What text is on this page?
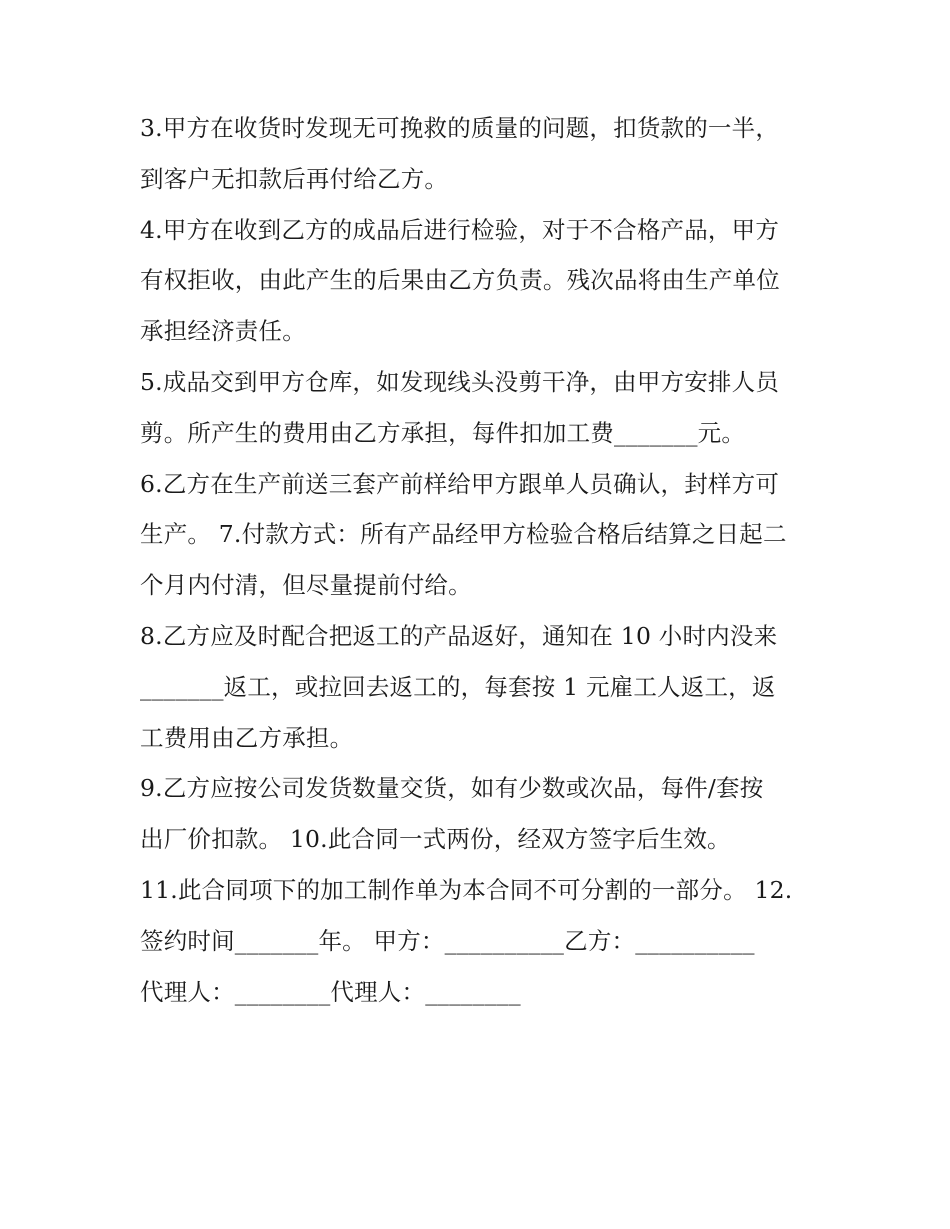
3.甲方在收货时发现无可挽救的质量的问题，扣货款的一半，
到客户无扣款后再付给乙方。
4.甲方在收到乙方的成品后进行检验，对于不合格产品，甲方
有权拒收，由此产生的后果由乙方负责。残次品将由生产单位
承担经济责任。
5.成品交到甲方仓库，如发现线头没剪干净，由甲方安排人员
剪。所产生的费用由乙方承担，每件扣加工费_______元。
6.乙方在生产前送三套产前样给甲方跟单人员确认，封样方可
生产。 7.付款方式：所有产品经甲方检验合格后结算之日起二
个月内付清，但尽量提前付给。
8.乙方应及时配合把返工的产品返好，通知在 10 小时内没来
_______返工，或拉回去返工的，每套按 1 元雇工人返工，返
工费用由乙方承担。
9.乙方应按公司发货数量交货，如有少数或次品，每件/套按
出厂价扣款。 10.此合同一式两份，经双方签字后生效。
11.此合同项下的加工制作单为本合同不可分割的一部分。 12.
签约时间_______年。 甲方：__________乙方：__________
代理人：________代理人：________
